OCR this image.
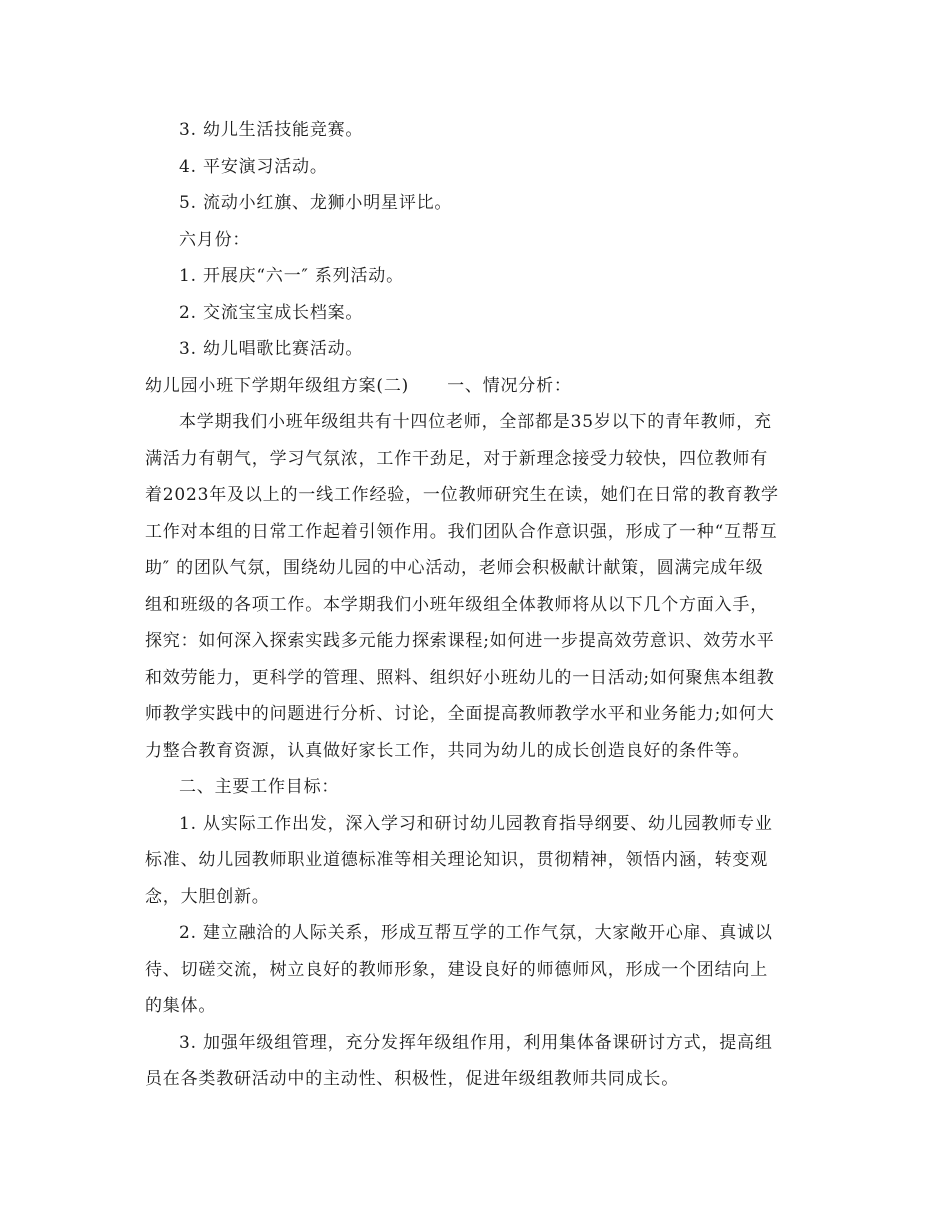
3. 幼儿生活技能竞赛。

4. 平安演习活动。

5. 流动小红旗、龙狮小明星评比。

六月份：

1. 开展庆“六一″ 系列活动。

2. 交流宝宝成长档案。

3. 幼儿唱歌比赛活动。

幼儿园小班下学期年级组方案(二) 一、情况分析：

本学期我们小班年级组共有十四位老师，全部都是35岁以下的青年教师，充
满活力有朝气，学习气氛浓，工作干劲足，对于新理念接受力较快，四位教师有
着2023年及以上的一线工作经验，一位教师研究生在读，她们在日常的教育教学
工作对本组的日常工作起着引领作用。我们团队合作意识强，形成了一种“互帮互
助″ 的团队气氛，围绕幼儿园的中心活动，老师会积极献计献策，圆满完成年级
组和班级的各项工作。本学期我们小班年级组全体教师将从以下几个方面入手，
探究：如何深入探索实践多元能力探索课程;如何进一步提高效劳意识、效劳水平
和效劳能力，更科学的管理、照料、组织好小班幼儿的一日活动;如何聚焦本组教
师教学实践中的问题进行分析、讨论，全面提高教师教学水平和业务能力;如何大
力整合教育资源，认真做好家长工作，共同为幼儿的成长创造良好的条件等。

二、主要工作目标：

1. 从实际工作出发，深入学习和研讨幼儿园教育指导纲要、幼儿园教师专业
标准、幼儿园教师职业道德标准等相关理论知识，贯彻精神，领悟内涵，转变观
念，大胆创新。

2. 建立融洽的人际关系，形成互帮互学的工作气氛，大家敞开心扉、真诚以
待、切磋交流，树立良好的教师形象，建设良好的师德师风，形成一个团结向上
的集体。

3. 加强年级组管理，充分发挥年级组作用，利用集体备课研讨方式，提高组
员在各类教研活动中的主动性、积极性，促进年级组教师共同成长。
